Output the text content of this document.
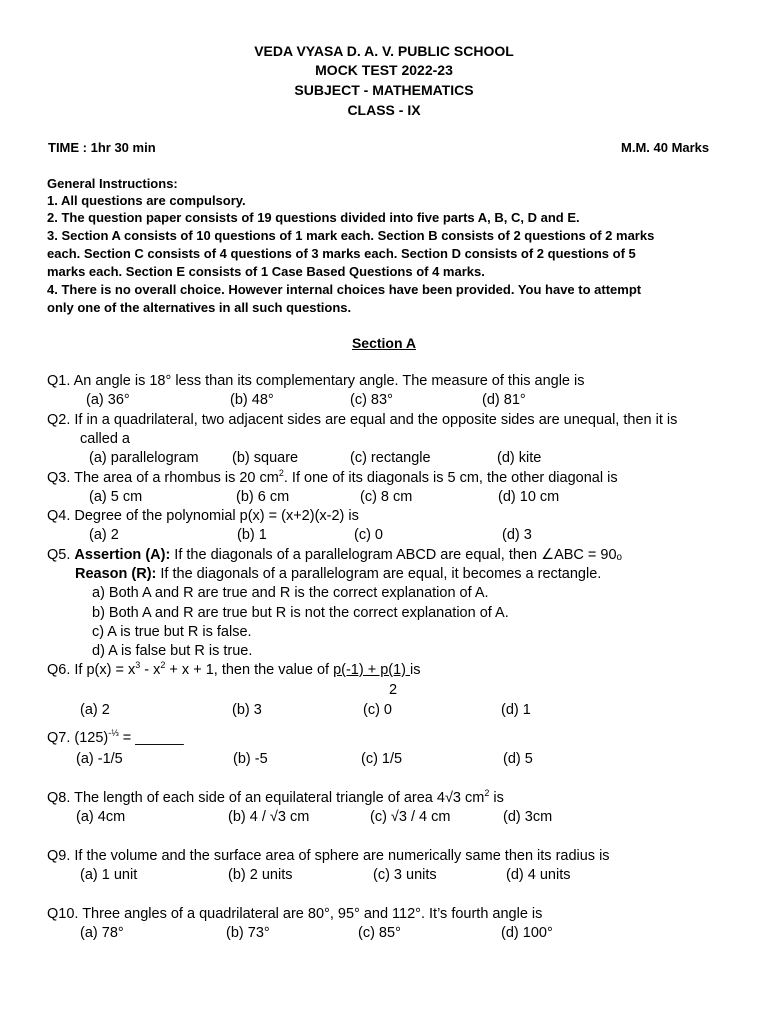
VEDA VYASA D. A. V. PUBLIC SCHOOL
MOCK TEST 2022-23
SUBJECT - MATHEMATICS
CLASS - IX
TIME : 1hr 30 min	M.M. 40 Marks
General Instructions:
1. All questions are compulsory.
2. The question paper consists of 19 questions divided into five parts A, B, C, D and E.
3. Section A consists of 10 questions of 1 mark each. Section B consists of 2 questions of 2 marks
each. Section C consists of 4 questions of 3 marks each. Section D consists of 2 questions of 5
marks each. Section E consists of 1 Case Based Questions of 4 marks.
4. There is no overall choice. However internal choices have been provided. You have to attempt
only one of the alternatives in all such questions.
Section A
Q1. An angle is 18° less than its complementary angle. The measure of this angle is
(a) 36°	(b) 48°	(c) 83°	(d) 81°
Q2. If in a quadrilateral, two adjacent sides are equal and the opposite sides are unequal, then it is
called a
(a) parallelogram (b) square	(c) rectangle	(d) kite
Q3. The area of a rhombus is 20 $cm^2$. If one of its diagonals is 5 cm, the other diagonal is
(a) 5 cm	(b) 6 cm	(c) 8 cm	(d) 10 cm
Q4. Degree of the polynomial p(x) = (x+2)(x-2) is
(a) 2	(b) 1	(c) 0	(d) 3
Q5. Assertion (A): If the diagonals of a parallelogram ABCD are equal, then ∠ABC = 90ₒ
Reason (R): If the diagonals of a parallelogram are equal, it becomes a rectangle.
a) Both A and R are true and R is the correct explanation of A.
b) Both A and R are true but R is not the correct explanation of A.
c) A is true but R is false.
d) A is false but R is true.
Q6. If $p(x) = x^3 - x^2 + x + 1$, then the value of p(-1) + p(1) is
2
(a) 2	(b) 3	(c) 0	(d) 1
Q7. $(125)^{-\frac{1}{3}}$ = ______
(a) -1/5	(b) -5	(c) 1/5	(d) 5
Q8. The length of each side of an equilateral triangle of area 4√3 $cm^2$ is
(a) 4cm	(b) 4 / √3 cm	(c) √3 / 4 cm	(d) 3cm
Q9. If the volume and the surface area of sphere are numerically same then its radius is
(a) 1 unit	(b) 2 units	(c) 3 units	(d) 4 units
Q10. Three angles of a quadrilateral are 80°, 95° and 112°. It’s fourth angle is
(a) 78°	(b) 73°	(c) 85°	(d) 100°
